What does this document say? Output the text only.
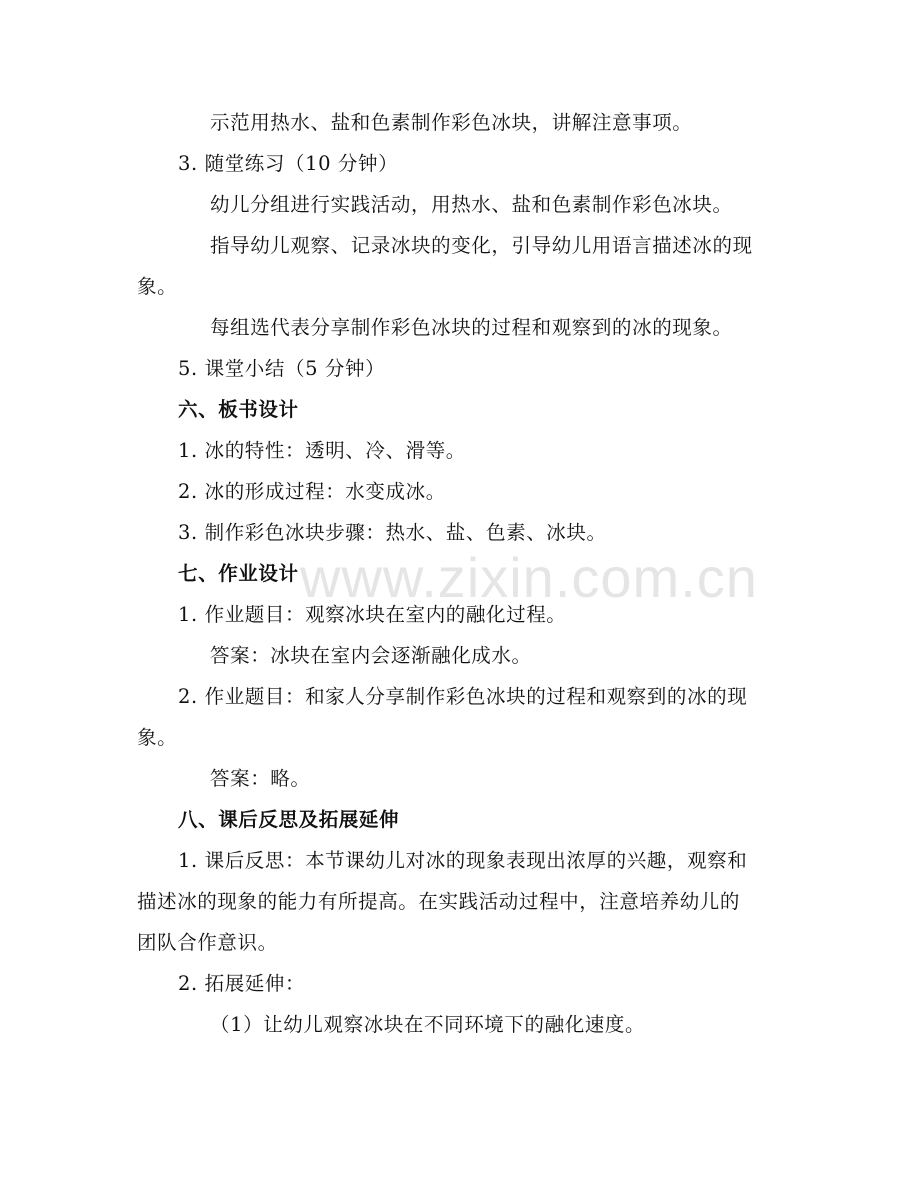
www.zixin.com.cn
示范用热水、盐和色素制作彩色冰块，讲解注意事项。
3. 随堂练习（10 分钟）
幼儿分组进行实践活动，用热水、盐和色素制作彩色冰块。
指导幼儿观察、记录冰块的变化，引导幼儿用语言描述冰的现
象。
每组选代表分享制作彩色冰块的过程和观察到的冰的现象。
5. 课堂小结（5 分钟）
六、板书设计
1. 冰的特性：透明、冷、滑等。
2. 冰的形成过程：水变成冰。
3. 制作彩色冰块步骤：热水、盐、色素、冰块。
七、作业设计
1. 作业题目：观察冰块在室内的融化过程。
答案：冰块在室内会逐渐融化成水。
2. 作业题目：和家人分享制作彩色冰块的过程和观察到的冰的现
象。
答案：略。
八、课后反思及拓展延伸
1. 课后反思：本节课幼儿对冰的现象表现出浓厚的兴趣，观察和
描述冰的现象的能力有所提高。在实践活动过程中，注意培养幼儿的
团队合作意识。
2. 拓展延伸：
（1）让幼儿观察冰块在不同环境下的融化速度。
